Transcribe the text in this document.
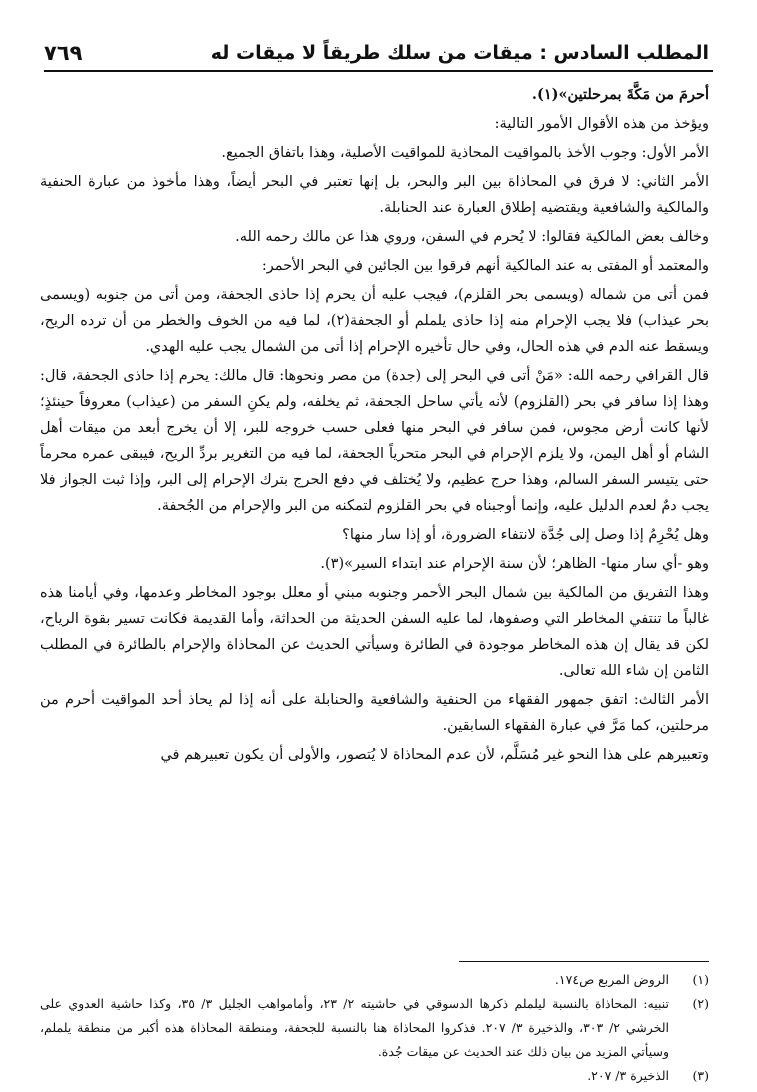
المطلب السادس : ميقات من سلك طريقاً لا ميقات له
٧٦٩

أحرمَ من مَكَّةَ بمرحلتين»(١).

ويؤخذ من هذه الأقوال الأمور التالية:

الأمر الأول: وجوب الأخذ بالمواقيت المحاذية للمواقيت الأصلية، وهذا باتفاق الجميع.

الأمر الثاني: لا فرق في المحاذاة بين البر والبحر، بل إنها تعتبر في البحر أيضاً، وهذا مأخوذ من عبارة الحنفية والمالكية والشافعية ويقتضيه إطلاق العبارة عند الحنابلة.

وخالف بعض المالكية فقالوا: لا يُحرم في السفن، وروي هذا عن مالك رحمه الله.

والمعتمد أو المفتى به عند المالكية أنهم فرقوا بين الجائين في البحر الأحمر:

فمن أتى من شماله (ويسمى بحر القلزم)، فيجب عليه أن يحرم إذا حاذى الجحفة، ومن أتى من جنوبه (ويسمى بحر عيذاب) فلا يجب الإحرام منه إذا حاذى يلملم أو الجحفة(٢)، لما فيه من الخوف والخطر من أن ترده الريح، ويسقط عنه الدم في هذه الحال، وفي حال تأخيره الإحرام إذا أتى من الشمال يجب عليه الهدي.

قال القرافي رحمه الله: «مَنْ أتى في البحر إلى (جدة) من مصر ونحوها: قال مالك: يحرم إذا حاذى الجحفة، قال: وهذا إذا سافر في بحر (القلزوم) لأنه يأتي ساحل الجحفة، ثم يخلفه، ولم يكنِ السفر من (عيذاب) معروفاً حينئذٍ؛ لأنها كانت أرض مجوس، فمن سافر في البحر منها فعلى حسب خروجه للبر، إلا أن يخرج أبعد من ميقات أهل الشام أو أهل اليمن، ولا يلزم الإحرام في البحر متحرياً الجحفة، لما فيه من التغرير بردِّ الريح، فيبقى عمره محرماً حتى يتيسر السفر السالم، وهذا حرج عظيم، ولا يُختلف في دفع الحرج بترك الإحرام إلى البر، وإذا ثبت الجواز فلا يجب دمٌ لعدم الدليل عليه، وإنما أوجبناه في بحر القلزوم لتمكنه من البر والإحرام من الجُحفة.

وهل يُحْرِمُ إذا وصل إلى جُدَّة لانتفاء الضرورة، أو إذا سار منها؟

وهو -أي سار منها- الظاهر؛ لأن سنة الإحرام عند ابتداء السير»(٣).

وهذا التفريق من المالكية بين شمال البحر الأحمر وجنوبه مبني أو معلل بوجود المخاطر وعدمها، وفي أيامنا هذه غالباً ما تنتفي المخاطر التي وصفوها، لما عليه السفن الحديثة من الحداثة، وأما القديمة فكانت تسير بقوة الرياح، لكن قد يقال إن هذه المخاطر موجودة في الطائرة وسيأتي الحديث عن المحاذاة والإحرام بالطائرة في المطلب الثامن إن شاء الله تعالى.

الأمر الثالث: اتفق جمهور الفقهاء من الحنفية والشافعية والحنابلة على أنه إذا لم يحاذ أحد المواقيت أحرم من مرحلتين، كما مَرَّ في عبارة الفقهاء السابقين.

وتعبيرهم على هذا النحو غير مُسَلَّم، لأن عدم المحاذاة لا يُتصور، والأولى أن يكون تعبيرهم في

(١)
الروض المربع ص١٧٤.
(٢)
تنبيه: المحاذاة بالنسبة ليلملم ذكرها الدسوقي في حاشيته ٢/ ٢٣، وأمامواهب الجليل ٣/ ٣٥، وكذا حاشية العدوي على الخرشي ٢/ ٣٠٣، والذخيرة ٣/ ٢٠٧. فذكروا المحاذاة هنا بالنسبة للجحفة، ومنطقة المحاذاة هذه أكبر من منطقة يلملم، وسيأتي المزيد من بيان ذلك عند الحديث عن ميقات جُدة.
(٣)
الذخيرة ٣/ ٢٠٧.
